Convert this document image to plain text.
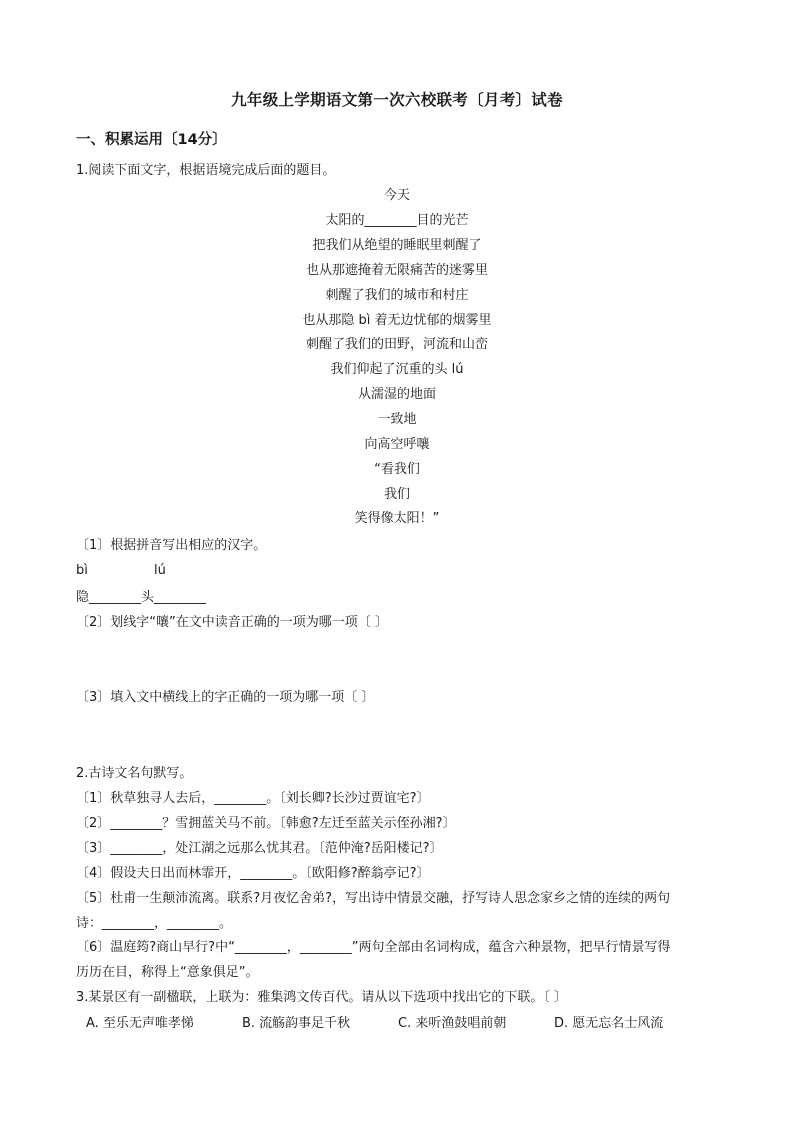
九年级上学期语文第一次六校联考〔月考〕试卷
一、积累运用〔14分〕
1.阅读下面文字，根据语境完成后面的题目。
今天
太阳的________目的光芒
把我们从绝望的睡眠里刺醒了
也从那遮掩着无限痛苦的迷雾里
刺醒了我们的城市和村庄
也从那隐 bì 着无边忧郁的烟雾里
刺醒了我们的田野，河流和山峦
我们仰起了沉重的头 lú
从濡湿的地面
一致地
向高空呼嚷
“看我们
我们
笑得像太阳！”
〔1〕根据拼音写出相应的汉字。
bì                lú
隐________头________
〔2〕划线字“嚷”在文中读音正确的一项为哪一项〔 〕
〔3〕填入文中横线上的字正确的一项为哪一项〔 〕
2.古诗文名句默写。
〔1〕秋草独寻人去后，________。〔刘长卿?长沙过贾谊宅?〕
〔2〕________？雪拥蓝关马不前。〔韩愈?左迁至蓝关示侄孙湘?〕
〔3〕________，处江湖之远那么忧其君。〔范仲淹?岳阳楼记?〕
〔4〕假设夫日出而林霏开，________。〔欧阳修?醉翁亭记?〕
〔5〕杜甫一生颠沛流离。联系?月夜忆舍弟?，写出诗中情景交融，抒写诗人思念家乡之情的连续的两句
诗：________，________。
〔6〕温庭筠?商山早行?中“________，________”两句全部由名词构成，蕴含六种景物，把早行情景写得
历历在目，称得上“意象俱足”。
3.某景区有一副楹联，上联为：雅集鸿文传百代。请从以下选项中找出它的下联。〔 〕
A. 至乐无声唯孝悌	B. 流觞韵事足千秋	C. 来听渔鼓唱前朝	D. 愿无忘名士风流
